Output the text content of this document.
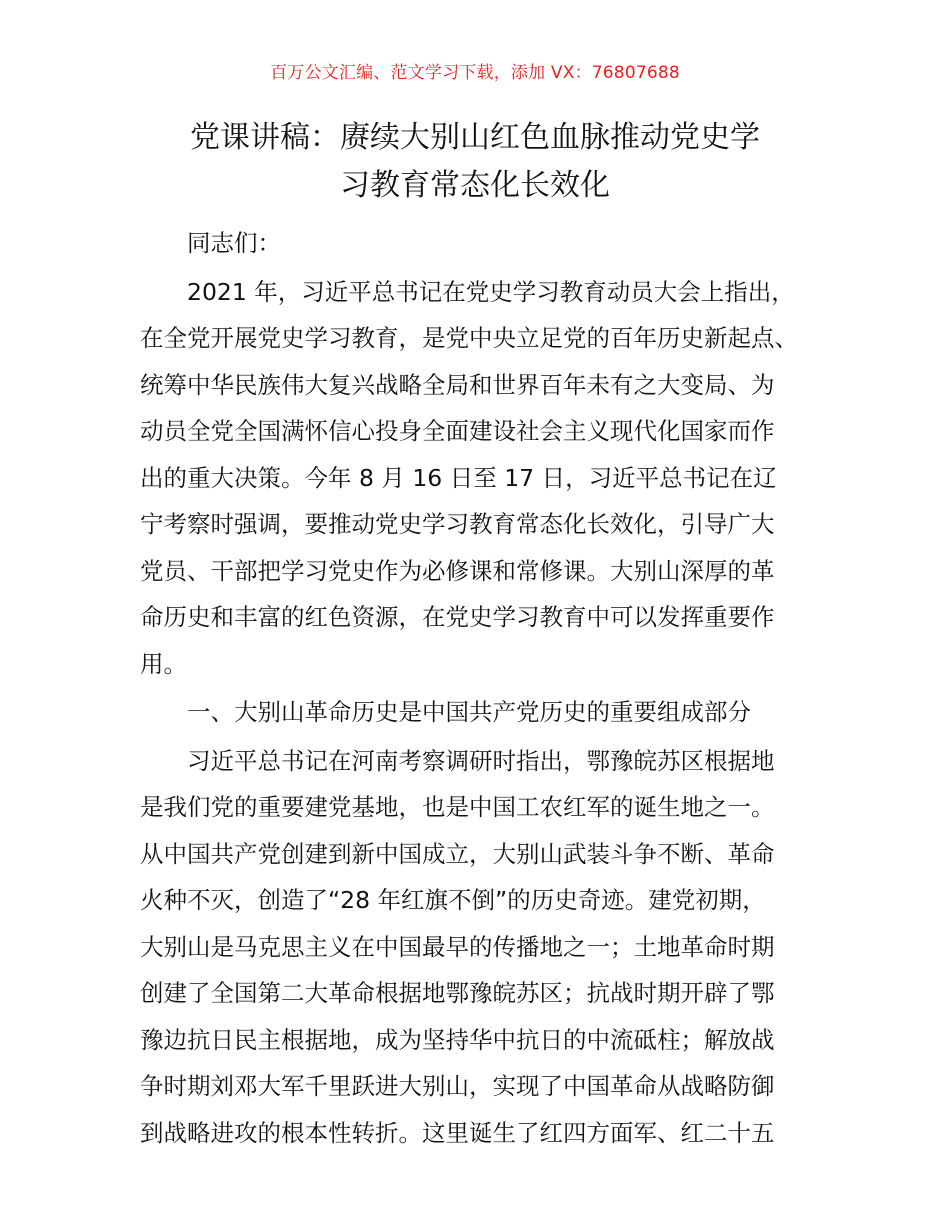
百万公文汇编、范文学习下载，添加 VX：76807688
党课讲稿：赓续大别山红色血脉推动党史学
习教育常态化长效化

同志们：

2021 年，习近平总书记在党史学习教育动员大会上指出，
在全党开展党史学习教育，是党中央立足党的百年历史新起点、
统筹中华民族伟大复兴战略全局和世界百年未有之大变局、为
动员全党全国满怀信心投身全面建设社会主义现代化国家而作
出的重大决策。今年 8 月 16 日至 17 日，习近平总书记在辽
宁考察时强调，要推动党史学习教育常态化长效化，引导广大
党员、干部把学习党史作为必修课和常修课。大别山深厚的革
命历史和丰富的红色资源，在党史学习教育中可以发挥重要作
用。

一、大别山革命历史是中国共产党历史的重要组成部分

习近平总书记在河南考察调研时指出，鄂豫皖苏区根据地
是我们党的重要建党基地，也是中国工农红军的诞生地之一。
从中国共产党创建到新中国成立，大别山武装斗争不断、革命
火种不灭，创造了“28 年红旗不倒”的历史奇迹。建党初期，
大别山是马克思主义在中国最早的传播地之一；土地革命时期
创建了全国第二大革命根据地鄂豫皖苏区；抗战时期开辟了鄂
豫边抗日民主根据地，成为坚持华中抗日的中流砥柱；解放战
争时期刘邓大军千里跃进大别山，实现了中国革命从战略防御
到战略进攻的根本性转折。这里诞生了红四方面军、红二十五
